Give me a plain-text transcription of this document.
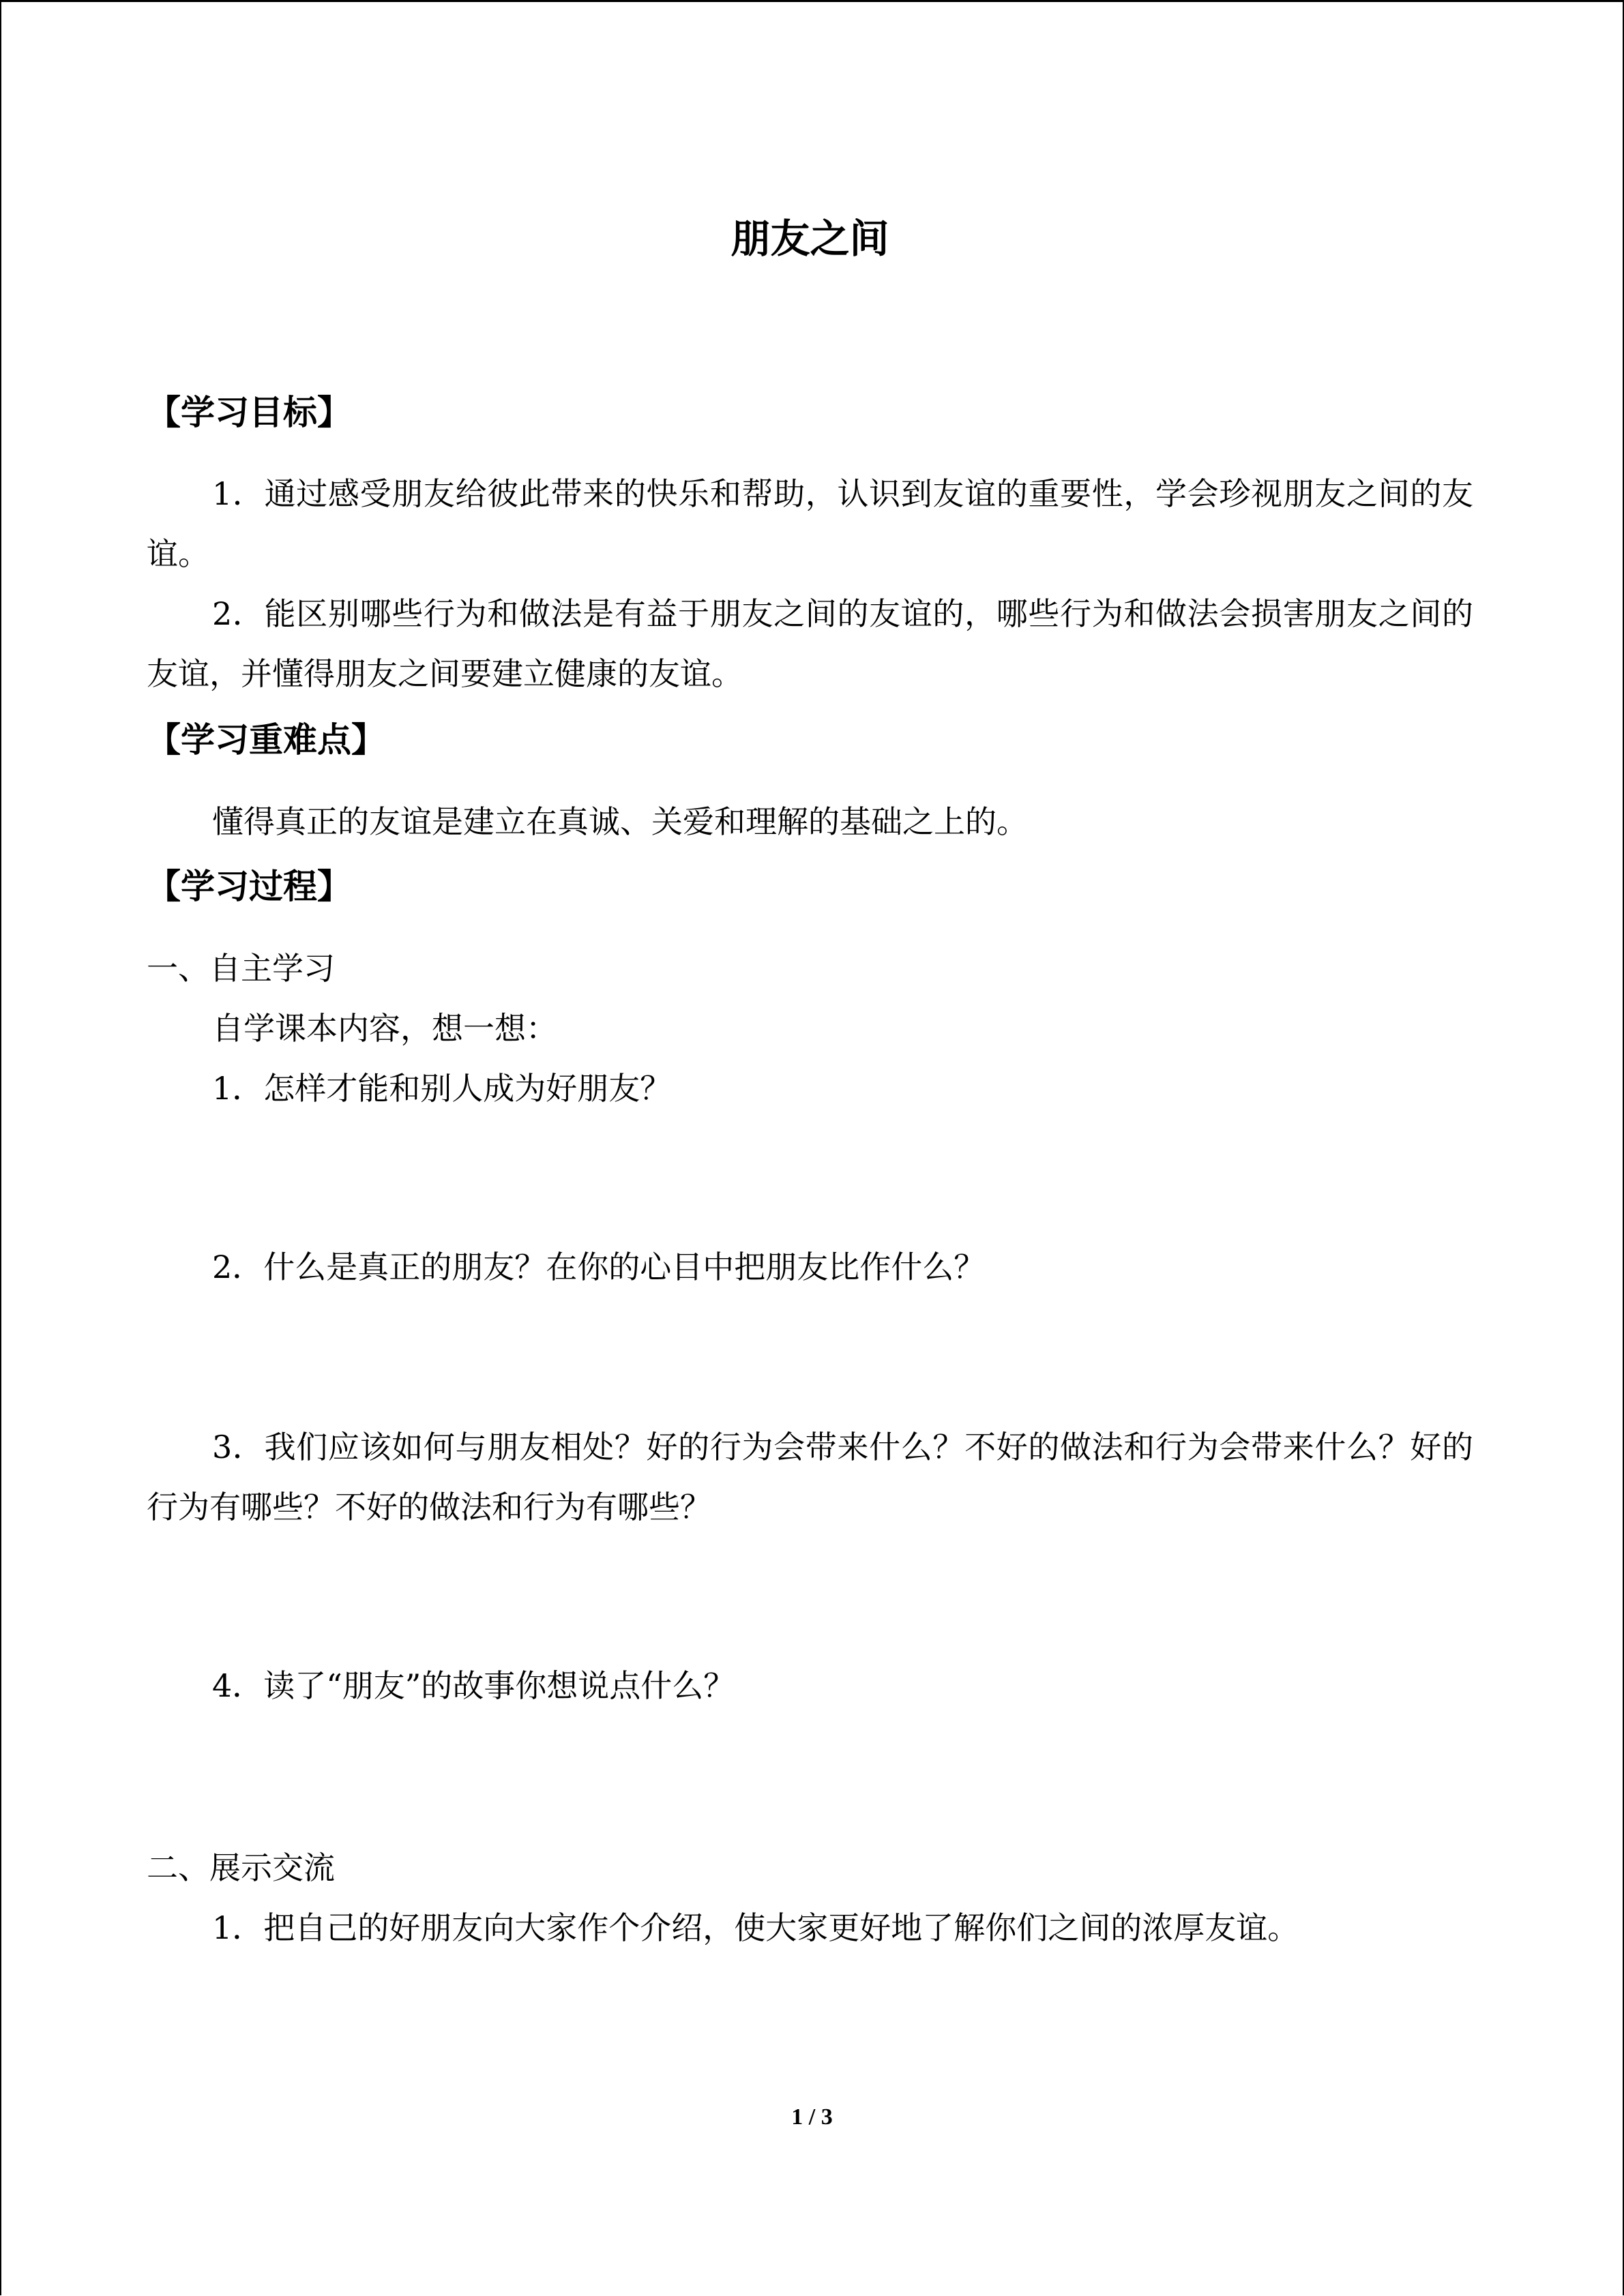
朋友之间
【学习目标】
1．通过感受朋友给彼此带来的快乐和帮助，认识到友谊的重要性，学会珍视朋友之间的友谊。
2．能区别哪些行为和做法是有益于朋友之间的友谊的，哪些行为和做法会损害朋友之间的友谊，并懂得朋友之间要建立健康的友谊。
【学习重难点】
懂得真正的友谊是建立在真诚、关爱和理解的基础之上的。
【学习过程】
一、自主学习
自学课本内容，想一想：
1．怎样才能和别人成为好朋友？
2．什么是真正的朋友？在你的心目中把朋友比作什么？
3．我们应该如何与朋友相处？好的行为会带来什么？不好的做法和行为会带来什么？好的行为有哪些？不好的做法和行为有哪些？
4．读了“朋友”的故事你想说点什么？
二、展示交流
1．把自己的好朋友向大家作个介绍，使大家更好地了解你们之间的浓厚友谊。
1 / 3
